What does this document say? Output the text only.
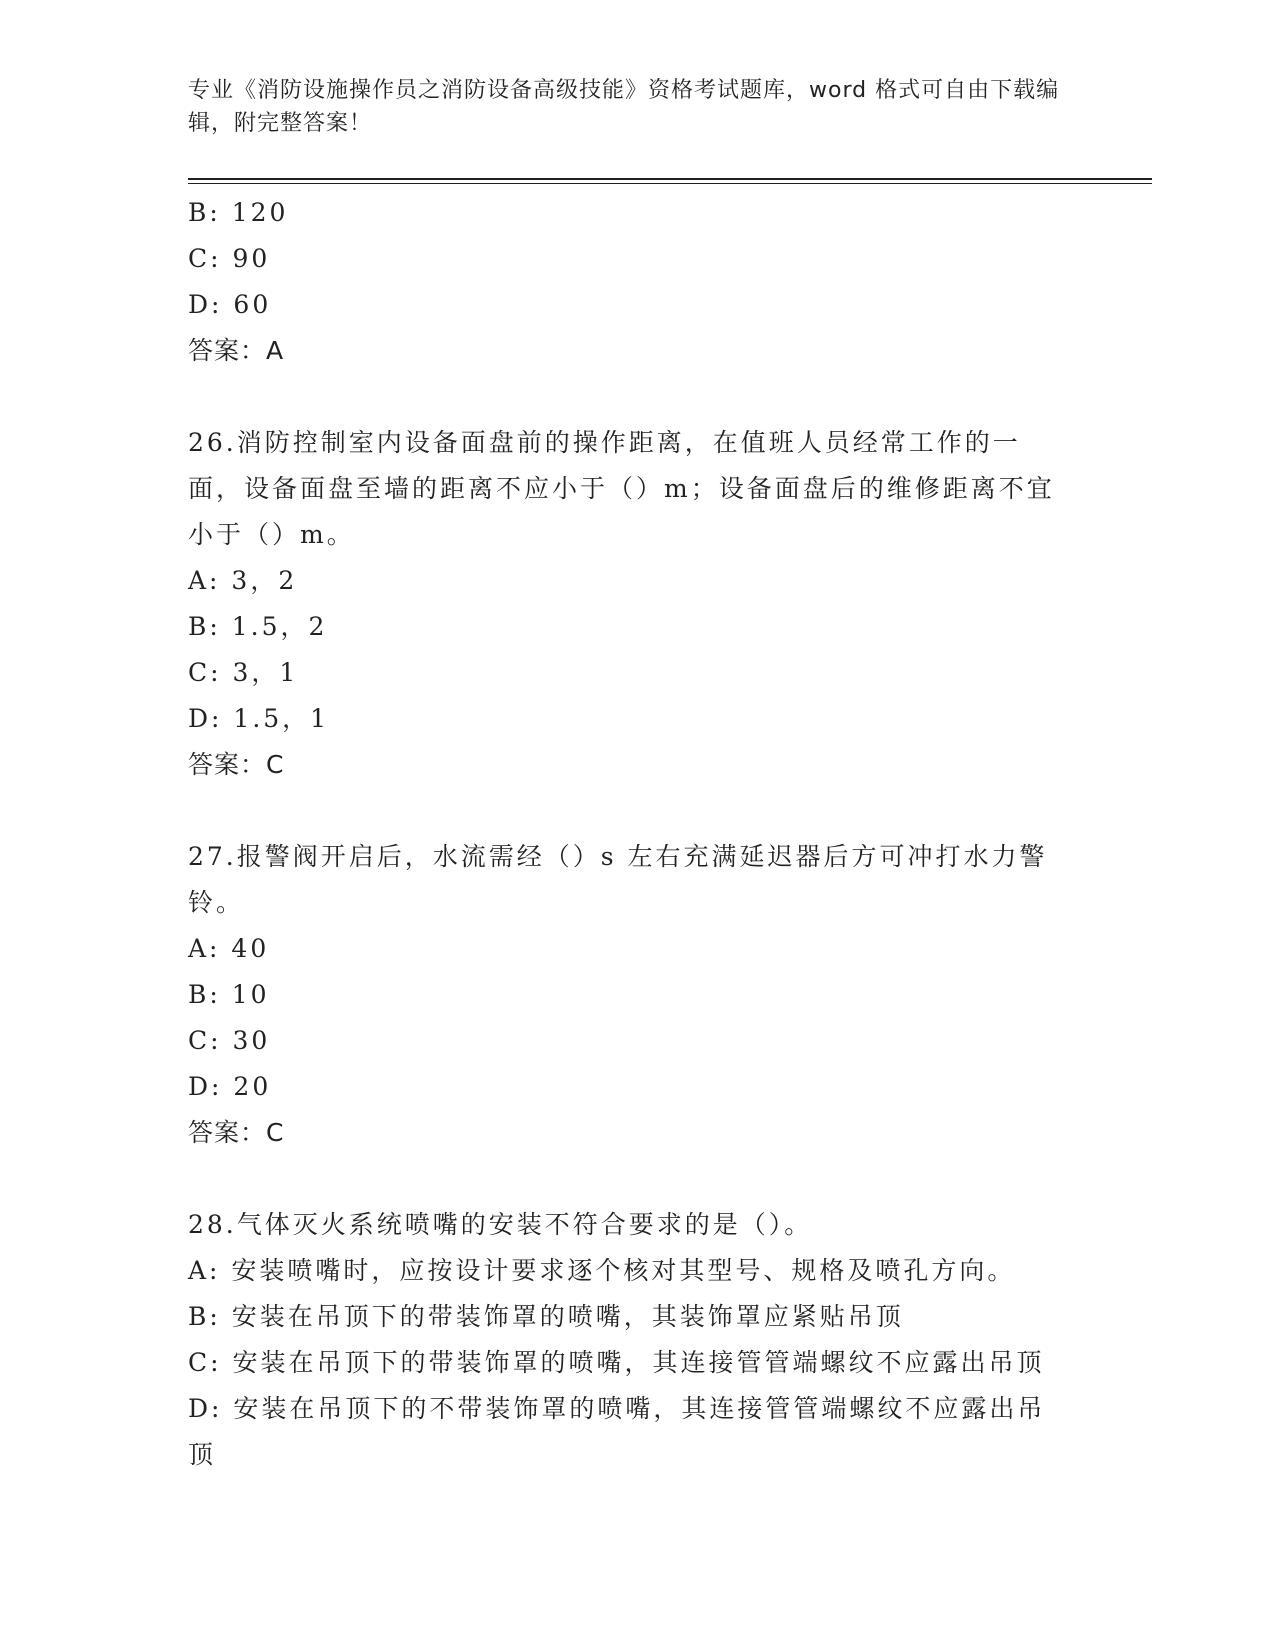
专业《消防设施操作员之消防设备高级技能》资格考试题库，word 格式可自由下载编辑，附完整答案！

B: 120

C: 90

D: 60

答案：A

26.消防控制室内设备面盘前的操作距离，在值班人员经常工作的一面，设备面盘至墙的距离不应小于（）m；设备面盘后的维修距离不宜小于（）m。

A: 3，2

B: 1.5，2

C: 3，1

D: 1.5，1

答案：C

27.报警阀开启后，水流需经（）s 左右充满延迟器后方可冲打水力警铃。

A: 40

B: 10

C: 30

D: 20

答案：C

28.气体灭火系统喷嘴的安装不符合要求的是（）。

A: 安装喷嘴时，应按设计要求逐个核对其型号、规格及喷孔方向。

B: 安装在吊顶下的带装饰罩的喷嘴，其装饰罩应紧贴吊顶

C: 安装在吊顶下的带装饰罩的喷嘴，其连接管管端螺纹不应露出吊顶

D: 安装在吊顶下的不带装饰罩的喷嘴，其连接管管端螺纹不应露出吊顶
